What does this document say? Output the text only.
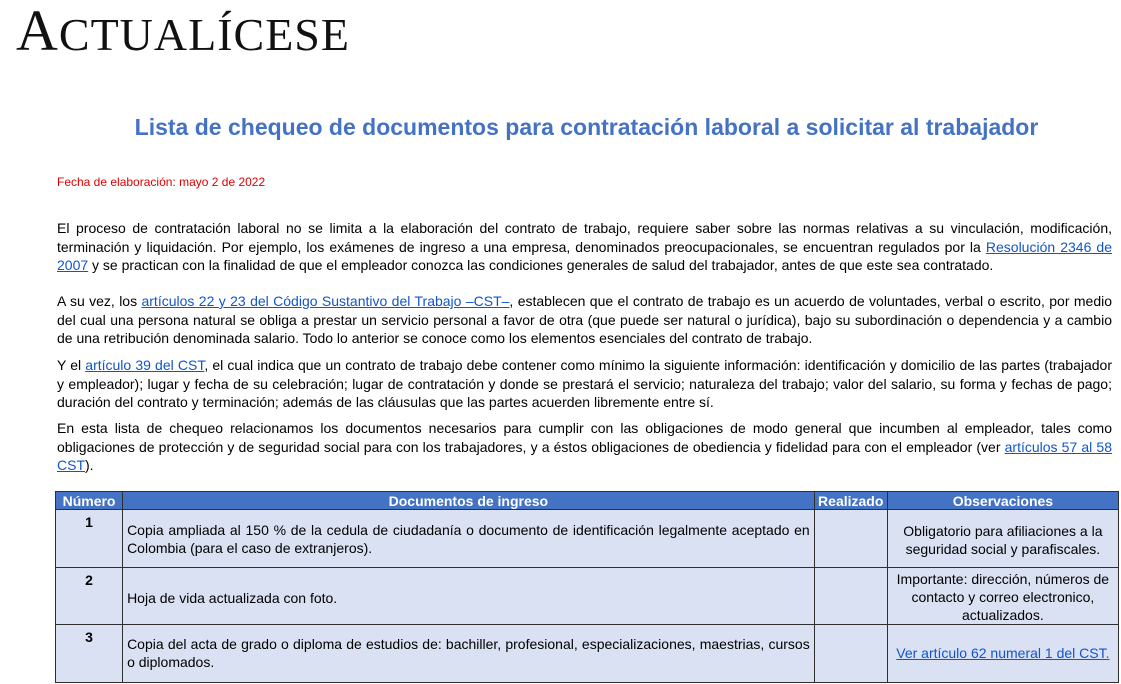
ACTUALÍCESE
Lista de chequeo de documentos para contratación laboral a solicitar al trabajador
Fecha de elaboración: mayo 2 de 2022
El proceso de contratación laboral no se limita a la elaboración del contrato de trabajo, requiere saber sobre las normas relativas a su vinculación, modificación, terminación y liquidación. Por ejemplo, los exámenes de ingreso a una empresa, denominados preocupacionales, se encuentran regulados por la Resolución 2346 de 2007 y se practican con la finalidad de que el empleador conozca las condiciones generales de salud del trabajador, antes de que este sea contratado.
A su vez, los artículos 22 y 23 del Código Sustantivo del Trabajo –CST–, establecen que el contrato de trabajo es un acuerdo de voluntades, verbal o escrito, por medio del cual una persona natural se obliga a prestar un servicio personal a favor de otra (que puede ser natural o jurídica), bajo su subordinación o dependencia y a cambio de una retribución denominada salario. Todo lo anterior se conoce como los elementos esenciales del contrato de trabajo.
Y el artículo 39 del CST, el cual indica que un contrato de trabajo debe contener como mínimo la siguiente información: identificación y domicilio de las partes (trabajador y empleador); lugar y fecha de su celebración; lugar de contratación y donde se prestará el servicio; naturaleza del trabajo; valor del salario, su forma y fechas de pago; duración del contrato y terminación; además de las cláusulas que las partes acuerden libremente entre sí.
En esta lista de chequeo relacionamos los documentos necesarios para cumplir con las obligaciones de modo general que incumben al empleador, tales como obligaciones de protección y de seguridad social para con los trabajadores, y a éstos obligaciones de obediencia y fidelidad para con el empleador (ver artículos 57 al 58 CST).
Número	Documentos de ingreso	Realizado	Observaciones

1	Copia ampliada al 150 % de la cedula de ciudadanía o documento de identificación legalmente aceptado en Colombia (para el caso de extranjeros).		Obligatorio para afiliaciones a la seguridad social y parafiscales.

2	Hoja de vida actualizada con foto.		Importante: dirección, números de contacto y correo electronico, actualizados.

3	Copia del acta de grado o diploma de estudios de: bachiller, profesional, especializaciones, maestrias, cursos o diplomados.		Ver artículo 62 numeral 1 del CST.
